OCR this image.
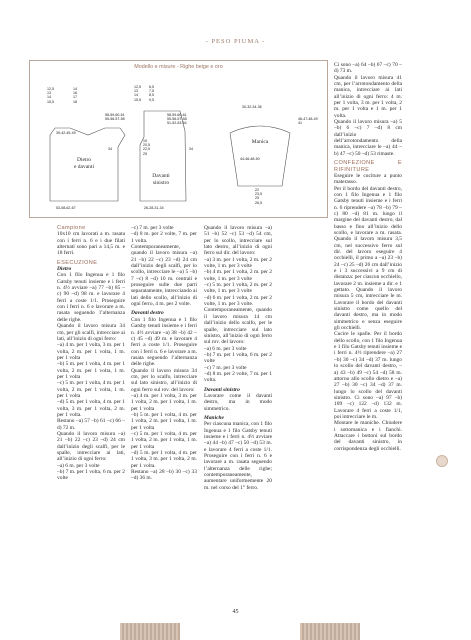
- PESO PIUMA -
Modello e misure - Righe beige e oro
12,5
13
14
15,5
14
16
17
18
58-59-60-61
55-56-57-58
39-42-45-49
34
53-58-62-67
Dietro
e davanti
12,5
13
14
15,5
6,5
7,5
8,5
9,5
58-59-60-61
55-56-57-58
51-52-53-54
19
20,5
22,5
25
34
26-28-31-34
Davanti
sinistro
30-32-34-36
46-47-48-49
41
44-46-48-50
22
23,5
25
26,5
Manica

Campione

10x10 cm lavorati a m. rasata con i ferri n. 6 e i due filati alternati sono pari a 14,5 m. e 18 ferri.

ESECUZIONE

Dietro

Con 1 filo Ingenua e 1 filo Gatsby tenuti insieme e i ferri n. 4½ avviare –a) 77 –b) 85 –c) 90 –d) 98 m. e lavorare 4 ferri a coste 1/1. Proseguire con i ferri n. 6 e lavorare a m. rasata seguendo l’alternanza delle righe.

Quando il lavoro misura 34 cm, per gli scalfi, intrecciare ai lati, all’inizio di ogni ferro:

–a) 4 m. per 1 volta, 3 m. per 1 volta, 2 m. per 1 volta, 1 m. per 1 volta

–b) 5 m. per 1 volta, 4 m. per 1 volta, 2 m. per 1 volta, 1 m. per 1 volta

–c) 5 m. per 1 volta, 4 m. per 1 volta, 2 m. per 1 volta, 1 m. per 1 volta

–d) 5 m. per 1 volta, 4 m. per 1 volta, 3 m. per 1 volta, 2 m. per 1 volta.

Restano –a) 57 –b) 61 –c) 66 –d) 72 m.

Quando il lavoro misura –a) 21 –b) 22 –c) 23 –d) 24 cm dall’inizio degli scalfi, per le spalle, intrecciare ai lati, all’inizio di ogni ferro:

–a) 6 m. per 3 volte

–b) 7 m. per 1 volta, 6 m. per 2 volte

–c) 7 m. per 3 volte

–d) 8 m. per 2 volte, 7 m. per 1 volta.

Contemporaneamente, quando il lavoro misura –a) 21 –b) 22 –c) 23 –d) 24 cm dall’inizio degli scalfi, per lo scollo, intrecciare le –a) 5 –b) 7 –c) 8 –d) 10 m. centrali e proseguire sulle due parti separatamente, intrecciando ai lati dello scollo, all’inizio di ogni ferro, 4 m. per 2 volte.

Davanti destro

Con 1 filo Ingenua e 1 filo Gatsby tenuti insieme e i ferri n. 4½ avviare –a) 38 –b) 42 –c) 45 –d) 49 m. e lavorare 4 ferri a coste 1/1. Proseguire con i ferri n. 6 e lavorare a m. rasata seguendo l’alternanza delle righe.

Quando il lavoro misura 34 cm, per lo scalfo, intrecciare sul lato sinistro, all’inizio di ogni ferro sul rov. del lavoro:

–a) 4 m. per 1 volta, 3 m. per 1 volta, 2 m. per 1 volta, 1 m. per 1 volta

–b) 5 m. per 1 volta, 4 m. per 1 volta, 2 m. per 1 volta, 1 m. per 1 volta

–c) 5 m. per 1 volta, 4 m. per 1 volta, 2 m. per 1 volta, 1 m. per 1 volta

–d) 5 m. per 1 volta, 4 m. per 1 volta, 3 m. per 1 volta, 2 m. per 1 volta.

Restano –a) 28 –b) 30 –c) 33 –d) 36 m.

Quando il lavoro misura –a) 51 –b) 52 –c) 53 –d) 54 cm, per lo scollo, intrecciare sul lato destro, all’inizio di ogni ferro sul dir. del lavoro:

–a) 3 m. per 1 volta, 2 m. per 2 volte, 1 m. per 3 volte

–b) 4 m. per 1 volta, 2 m. per 2 volte, 1 m. per 3 volte

–c) 5 m. per 1 volta, 2 m. per 2 volte, 1 m. per 3 volte

–d) 6 m. per 1 volta, 2 m. per 2 volte, 1 m. per 3 volte.

Contemporaneamente, quando il lavoro misura 14 cm dall’inizio dello scalfo, per le spalle, intrecciare sul lato sinistro, all’inizio di ogni ferro sul rov. del lavoro:

–a) 6 m. per 3 volte

–b) 7 m. per 1 volta, 6 m. per 2 volte

–c) 7 m. per 3 volte

–d) 8 m. per 2 volte, 7 m. per 1 volta.

Davanti sinistro

Lavorare come il davanti destro, ma in modo simmetrico.

Maniche

Per ciascuna manica, con 1 filo Ingenua e 1 filo Gatsby tenuti insieme e i ferri n. 4½ avviare –a) 44 –b) 47 –c) 50 –d) 53 m. e lavorare 4 ferri a coste 1/1. Proseguire con i ferri n. 6 e lavorare a m. rasata seguendo l’alternanza delle righe; contemporaneamente, aumentare uniformemente 20 m. nel corso del 1° ferro.

Ci sono –a) 64 –b) 67 –c) 70 –d) 73 m.

Quando il lavoro misura 41 cm, per l’arrotondamento della manica, intrecciare ai lati all’inizio di ogni ferro: 4 m. per 1 volta, 3 m. per 1 volta, 2 m. per 1 volta e 1 m. per 1 volta.

Quando il lavoro misura –a) 5 –b) 6 –c) 7 –d) 8 cm dall’inizio dell’arrotondamento della manica, intrecciare le –a) 44 –b) 47 –c) 50 –d) 53 rimaste.

CONFEZIONE E RIFINITURE

Eseguire le cuciture a punto materasso.

Per il bordo del davanti destro, con 1 filo Ingenua e 1 filo Gatsby tenuti insieme e i ferri n. 6 riprendere –a) 78 –b) 79 –c) 80 –d) 81 m. lungo il margine del davanti destro, dal basso e fino all’inizio dello scollo, e lavorare a m. rasata. Quando il lavoro misura 3,5 cm, nel successivo ferro sul dir. del lavoro eseguire 4 occhielli, il primo a –a) 23 –b) 24 –c) 25 –d) 26 cm dall’inizio e i 3 successivi a 9 cm di distanza: per ciascun occhiello, lavorare 2 m. insieme a dir. e 1 gettato. Quando il lavoro misura 5 cm, intrecciare le m. Lavorare il bordo del davanti sinistro come quello del davanti destro, ma in modo simmetrico e senza eseguire gli occhielli.

Cucire le spalle. Per il bordo dello scollo, con 1 filo Ingenua e 1 filo Gatsby tenuti insieme e i ferri n. 4½ riprendere –a) 27 –b) 30 –c) 34 –d) 37 m. lungo lo scollo del davanti destro, –a) 43 –b) 49 –c) 54 –d) 58 m. attorno allo scollo dietro e –a) 27 –b) 30 –c) 34 –d) 37 m. lungo lo scollo del davanti sinistro. Ci sono –a) 97 –b) 109 –c) 122 –d) 132 m. Lavorare 4 ferri a coste 1/1, poi intrecciare le m.

Montare le maniche. Chiudere i sottomanica e i fianchi. Attaccare i bottoni sul bordo del davanti sinistro, in corrispondenza degli occhielli.

45
